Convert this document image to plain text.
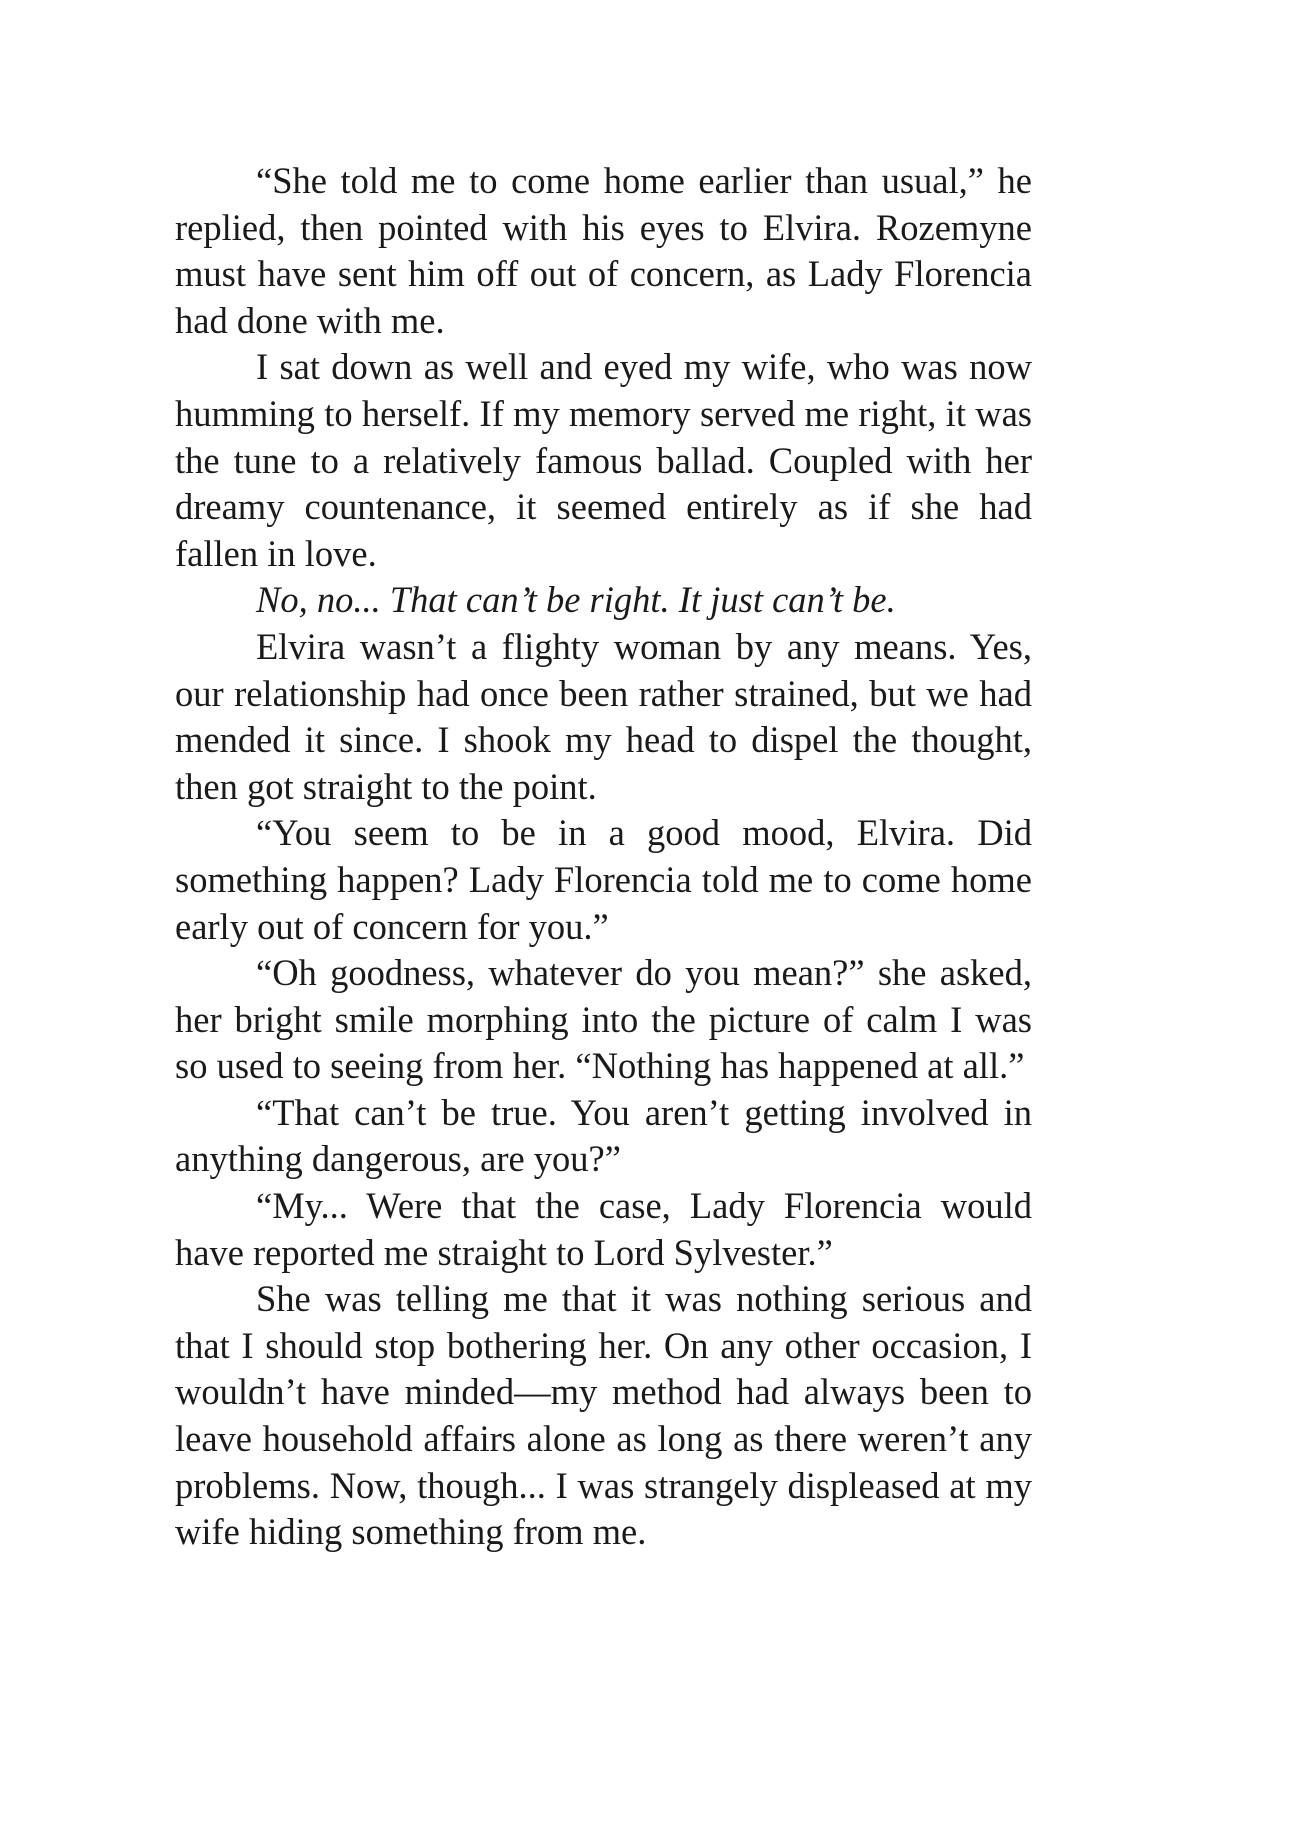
“She told me to come home earlier than usual,” he replied, then pointed with his eyes to Elvira. Rozemyne must have sent him off out of concern, as Lady Florencia had done with me.

I sat down as well and eyed my wife, who was now humming to herself. If my memory served me right, it was the tune to a relatively famous ballad. Coupled with her dreamy countenance, it seemed entirely as if she had fallen in love.

No, no... That can’t be right. It just can’t be.

Elvira wasn’t a flighty woman by any means. Yes, our relationship had once been rather strained, but we had mended it since. I shook my head to dispel the thought, then got straight to the point.

“You seem to be in a good mood, Elvira. Did something happen? Lady Florencia told me to come home early out of concern for you.”

“Oh goodness, whatever do you mean?” she asked, her bright smile morphing into the picture of calm I was so used to seeing from her. “Nothing has happened at all.”

“That can’t be true. You aren’t getting involved in anything dangerous, are you?”

“My... Were that the case, Lady Florencia would have reported me straight to Lord Sylvester.”

She was telling me that it was nothing serious and that I should stop bothering her. On any other occasion, I wouldn’t have minded—my method had always been to leave household affairs alone as long as there weren’t any problems. Now, though... I was strangely displeased at my wife hiding something from me.
